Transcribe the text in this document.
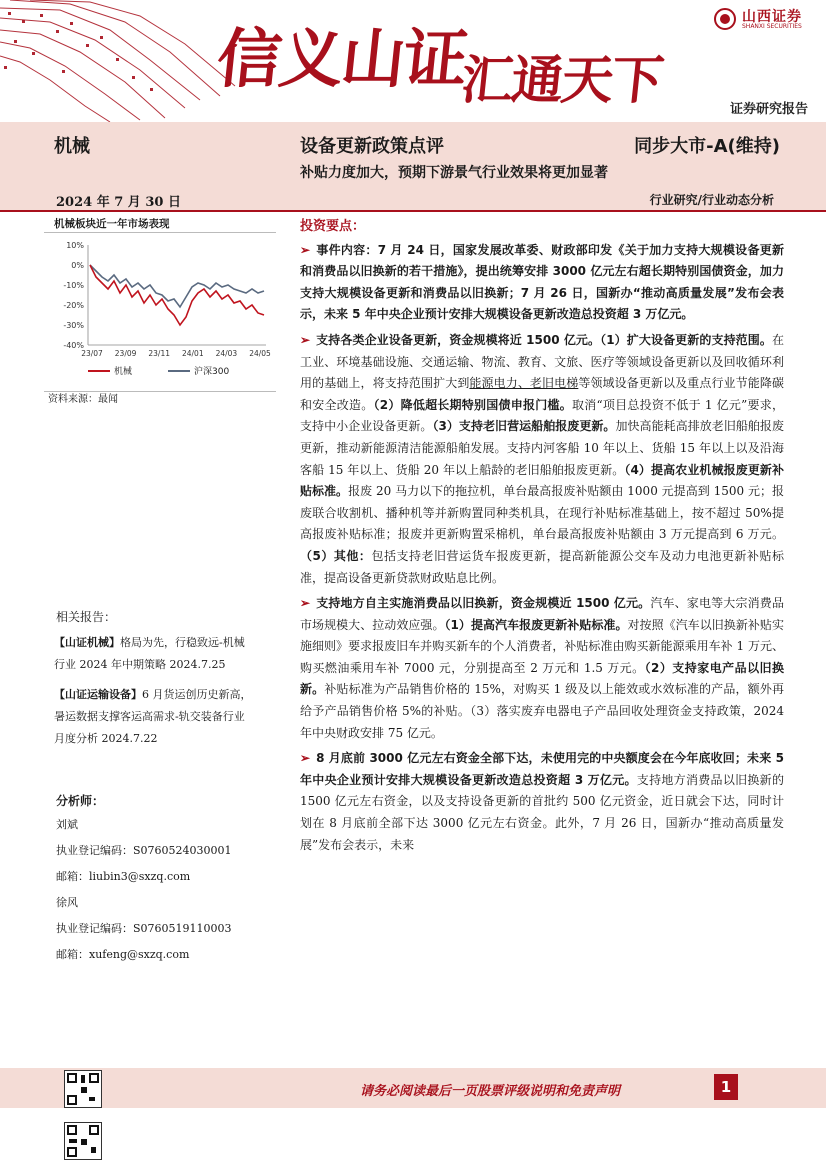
信义山证
汇通天下
山西证券
SHANXI SECURITIES
证券研究报告
机械	设备更新政策点评	同步大市-A(维持)
补贴力度加大，预期下游景气行业效果将更加显著
2024 年 7 月 30 日	行业研究/行业动态分析
机械板块近一年市场表现
10%
0%
-10%
-20%
-30%
-40%
23/07 23/09 23/11 24/01 24/03 24/05
机械	沪深300
资料来源：最闻
相关报告：
【山证机械】格局为先，行稳致远-机械
行业 2024 年中期策略 2024.7.25
【山证运输设备】6 月货运创历史新高，
暑运数据支撑客运高需求-轨交装备行业
月度分析 2024.7.22
分析师：
刘斌
执业登记编码：S0760524030001
邮箱：liubin3@sxzq.com
徐风
执业登记编码：S0760519110003
邮箱：xufeng@sxzq.com
投资要点：
➢ 事件内容：7 月 24 日，国家发展改革委、财政部印发《关于加力支持大规模设备更新和消费品以旧换新的若干措施》，提出统筹安排 3000 亿元左右超长期特别国债资金，加力支持大规模设备更新和消费品以旧换新；7 月 26 日，国新办“推动高质量发展”发布会表示，未来 5 年中央企业预计安排大规模设备更新改造总投资超 3 万亿元。
➢ 支持各类企业设备更新，资金规模将近 1500 亿元。（1）扩大设备更新的支持范围。在工业、环境基础设施、交通运输、物流、教育、文旅、医疗等领域设备更新以及回收循环利用的基础上，将支持范围扩大到能源电力、老旧电梯等领域设备更新以及重点行业节能降碳和安全改造。（2）降低超长期特别国债申报门槛。取消“项目总投资不低于 1 亿元”要求，支持中小企业设备更新。（3）支持老旧营运船舶报废更新。加快高能耗高排放老旧船舶报废更新，推动新能源清洁能源船舶发展。支持内河客船 10 年以上、货船 15 年以上以及沿海客船 15 年以上、货船 20 年以上船龄的老旧船舶报废更新。（4）提高农业机械报废更新补贴标准。报废 20 马力以下的拖拉机，单台最高报废补贴额由 1000 元提高到 1500 元；报废联合收割机、播种机等并新购置同种类机具，在现行补贴标准基础上，按不超过 50%提高报废补贴标准；报废并更新购置采棉机，单台最高报废补贴额由 3 万元提高到 6 万元。（5）其他：包括支持老旧营运货车报废更新，提高新能源公交车及动力电池更新补贴标准，提高设备更新贷款财政贴息比例。
➢ 支持地方自主实施消费品以旧换新，资金规模近 1500 亿元。汽车、家电等大宗消费品市场规模大、拉动效应强。（1）提高汽车报废更新补贴标准。对按照《汽车以旧换新补贴实施细则》要求报废旧车并购买新车的个人消费者，补贴标准由购买新能源乘用车补 1 万元、购买燃油乘用车补 7000 元，分别提高至 2 万元和 1.5 万元。（2）支持家电产品以旧换新。补贴标准为产品销售价格的 15%，对购买 1 级及以上能效或水效标准的产品，额外再给予产品销售价格 5%的补贴。（3）落实废弃电器电子产品回收处理资金支持政策，2024 年中央财政安排 75 亿元。
➢ 8 月底前 3000 亿元左右资金全部下达，未使用完的中央额度会在今年底收回；未来 5 年中央企业预计安排大规模设备更新改造总投资超 3 万亿元。支持地方消费品以旧换新的 1500 亿元左右资金，以及支持设备更新的首批约 500 亿元资金，近日就会下达，同时计划在 8 月底前全部下达 3000 亿元左右资金。此外，7 月 26 日，国新办“推动高质量发展”发布会表示，未来
请务必阅读最后一页股票评级说明和免责声明	1
